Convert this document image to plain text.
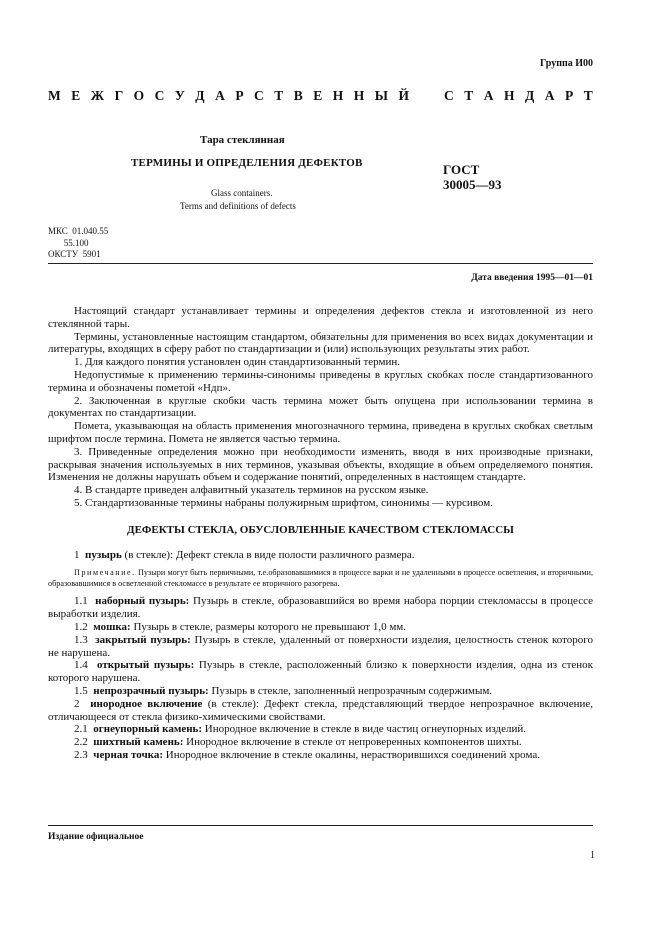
Группа И00
М Е Ж Г О С У Д А Р С Т В Е Н Н Ы Й	С Т А Н Д А Р Т
Тара стеклянная
ТЕРМИНЫ И ОПРЕДЕЛЕНИЯ ДЕФЕКТОВ	ГОСТ
30005—93
Glass containers.
Terms and definitions of defects
МКС  01.040.55
55.100
ОКСТУ  5901
Дата введения 1995—01—01

Настоящий стандарт устанавливает термины и определения дефектов стекла и изготовленной из него стеклянной тары.

Термины, установленные настоящим стандартом, обязательны для применения во всех видах документации и литературы, входящих в сферу работ по стандартизации и (или) использующих результаты этих работ.

1. Для каждого понятия установлен один стандартизованный термин.

Недопустимые к применению термины-синонимы приведены в круглых скобках после стандартизованного термина и обозначены пометой «Ндп».

2. Заключенная в круглые скобки часть термина может быть опущена при использовании термина в документах по стандартизации.

Помета, указывающая на область применения многозначного термина, приведена в круглых скобках светлым шрифтом после термина. Помета не является частью термина.

3. Приведенные определения можно при необходимости изменять, вводя в них производные признаки, раскрывая значения используемых в них терминов, указывая объекты, входящие в объем определяемого понятия. Изменения не должны нарушать объем и содержание понятий, определенных в настоящем стандарте.

4. В стандарте приведен алфавитный указатель терминов на русском языке.

5. Стандартизованные термины набраны полужирным шрифтом, синонимы — курсивом.

ДЕФЕКТЫ СТЕКЛА, ОБУСЛОВЛЕННЫЕ КАЧЕСТВОМ СТЕКЛОМАССЫ

1 пузырь (в стекле): Дефект стекла в виде полости различного размера.

Примечание. Пузыри могут быть первичными, т.е.образовавшимися в процессе варки и не удаленными в процессе осветления, и вторичными, образовавшимися в осветленной стекломассе в результате ее вторичного разогрева.

1.1 наборный пузырь: Пузырь в стекле, образовавшийся во время набора порции стекломассы в процессе выработки изделия.

1.2 мошка: Пузырь в стекле, размеры которого не превышают 1,0 мм.

1.3 закрытый пузырь: Пузырь в стекле, удаленный от поверхности изделия, целостность стенок которого не нарушена.

1.4 открытый пузырь: Пузырь в стекле, расположенный близко к поверхности изделия, одна из стенок которого нарушена.

1.5 непрозрачный пузырь: Пузырь в стекле, заполненный непрозрачным содержимым.

2 инородное включение (в стекле): Дефект стекла, представляющий твердое непрозрачное включение, отличающееся от стекла физико-химическими свойствами.

2.1 огнеупорный камень: Инородное включение в стекле в виде частиц огнеупорных изделий.

2.2 шихтный камень: Инородное включение в стекле от непроверенных компонентов шихты.

2.3 черная точка: Инородное включение в стекле окалины, нерастворившихся соединений хрома.

Издание официальное
1
